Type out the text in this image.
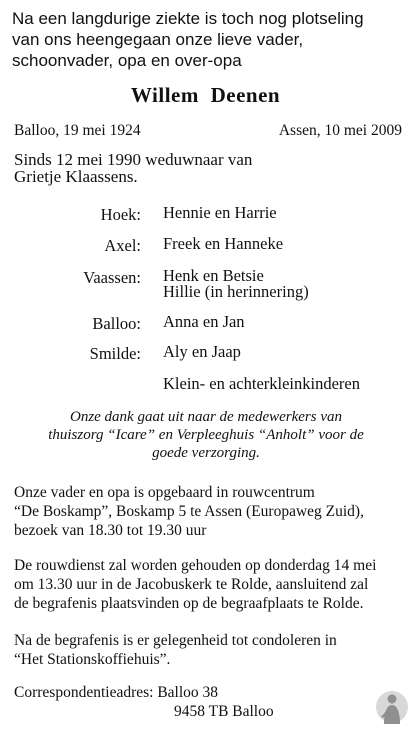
Na een langdurige ziekte is toch nog plotseling
van ons heengegaan onze lieve vader,
schoonvader, opa en over-opa
Willem Deenen
Balloo, 19 mei 1924	Assen, 10 mei 2009
Sinds 12 mei 1990 weduwnaar van
Grietje Klaassens.
Hoek: Hennie en Harrie
Axel: Freek en Hanneke
Vaassen: Henk en Betsie
Hillie (in herinnering)
Balloo: Anna en Jan
Smilde: Aly en Jaap
Klein- en achterkleinkinderen
Onze dank gaat uit naar de medewerkers van
thuiszorg “Icare” en Verpleeghuis “Anholt” voor de
goede verzorging.
Onze vader en opa is opgebaard in rouwcentrum
“De Boskamp”, Boskamp 5 te Assen (Europaweg Zuid),
bezoek van 18.30 tot 19.30 uur
De rouwdienst zal worden gehouden op donderdag 14 mei
om 13.30 uur in de Jacobuskerk te Rolde, aansluitend zal
de begrafenis plaatsvinden op de begraafplaats te Rolde.
Na de begrafenis is er gelegenheid tot condoleren in
“Het Stationskoffiehuis”.
Correspondentieadres: Balloo 38
9458 TB Balloo
